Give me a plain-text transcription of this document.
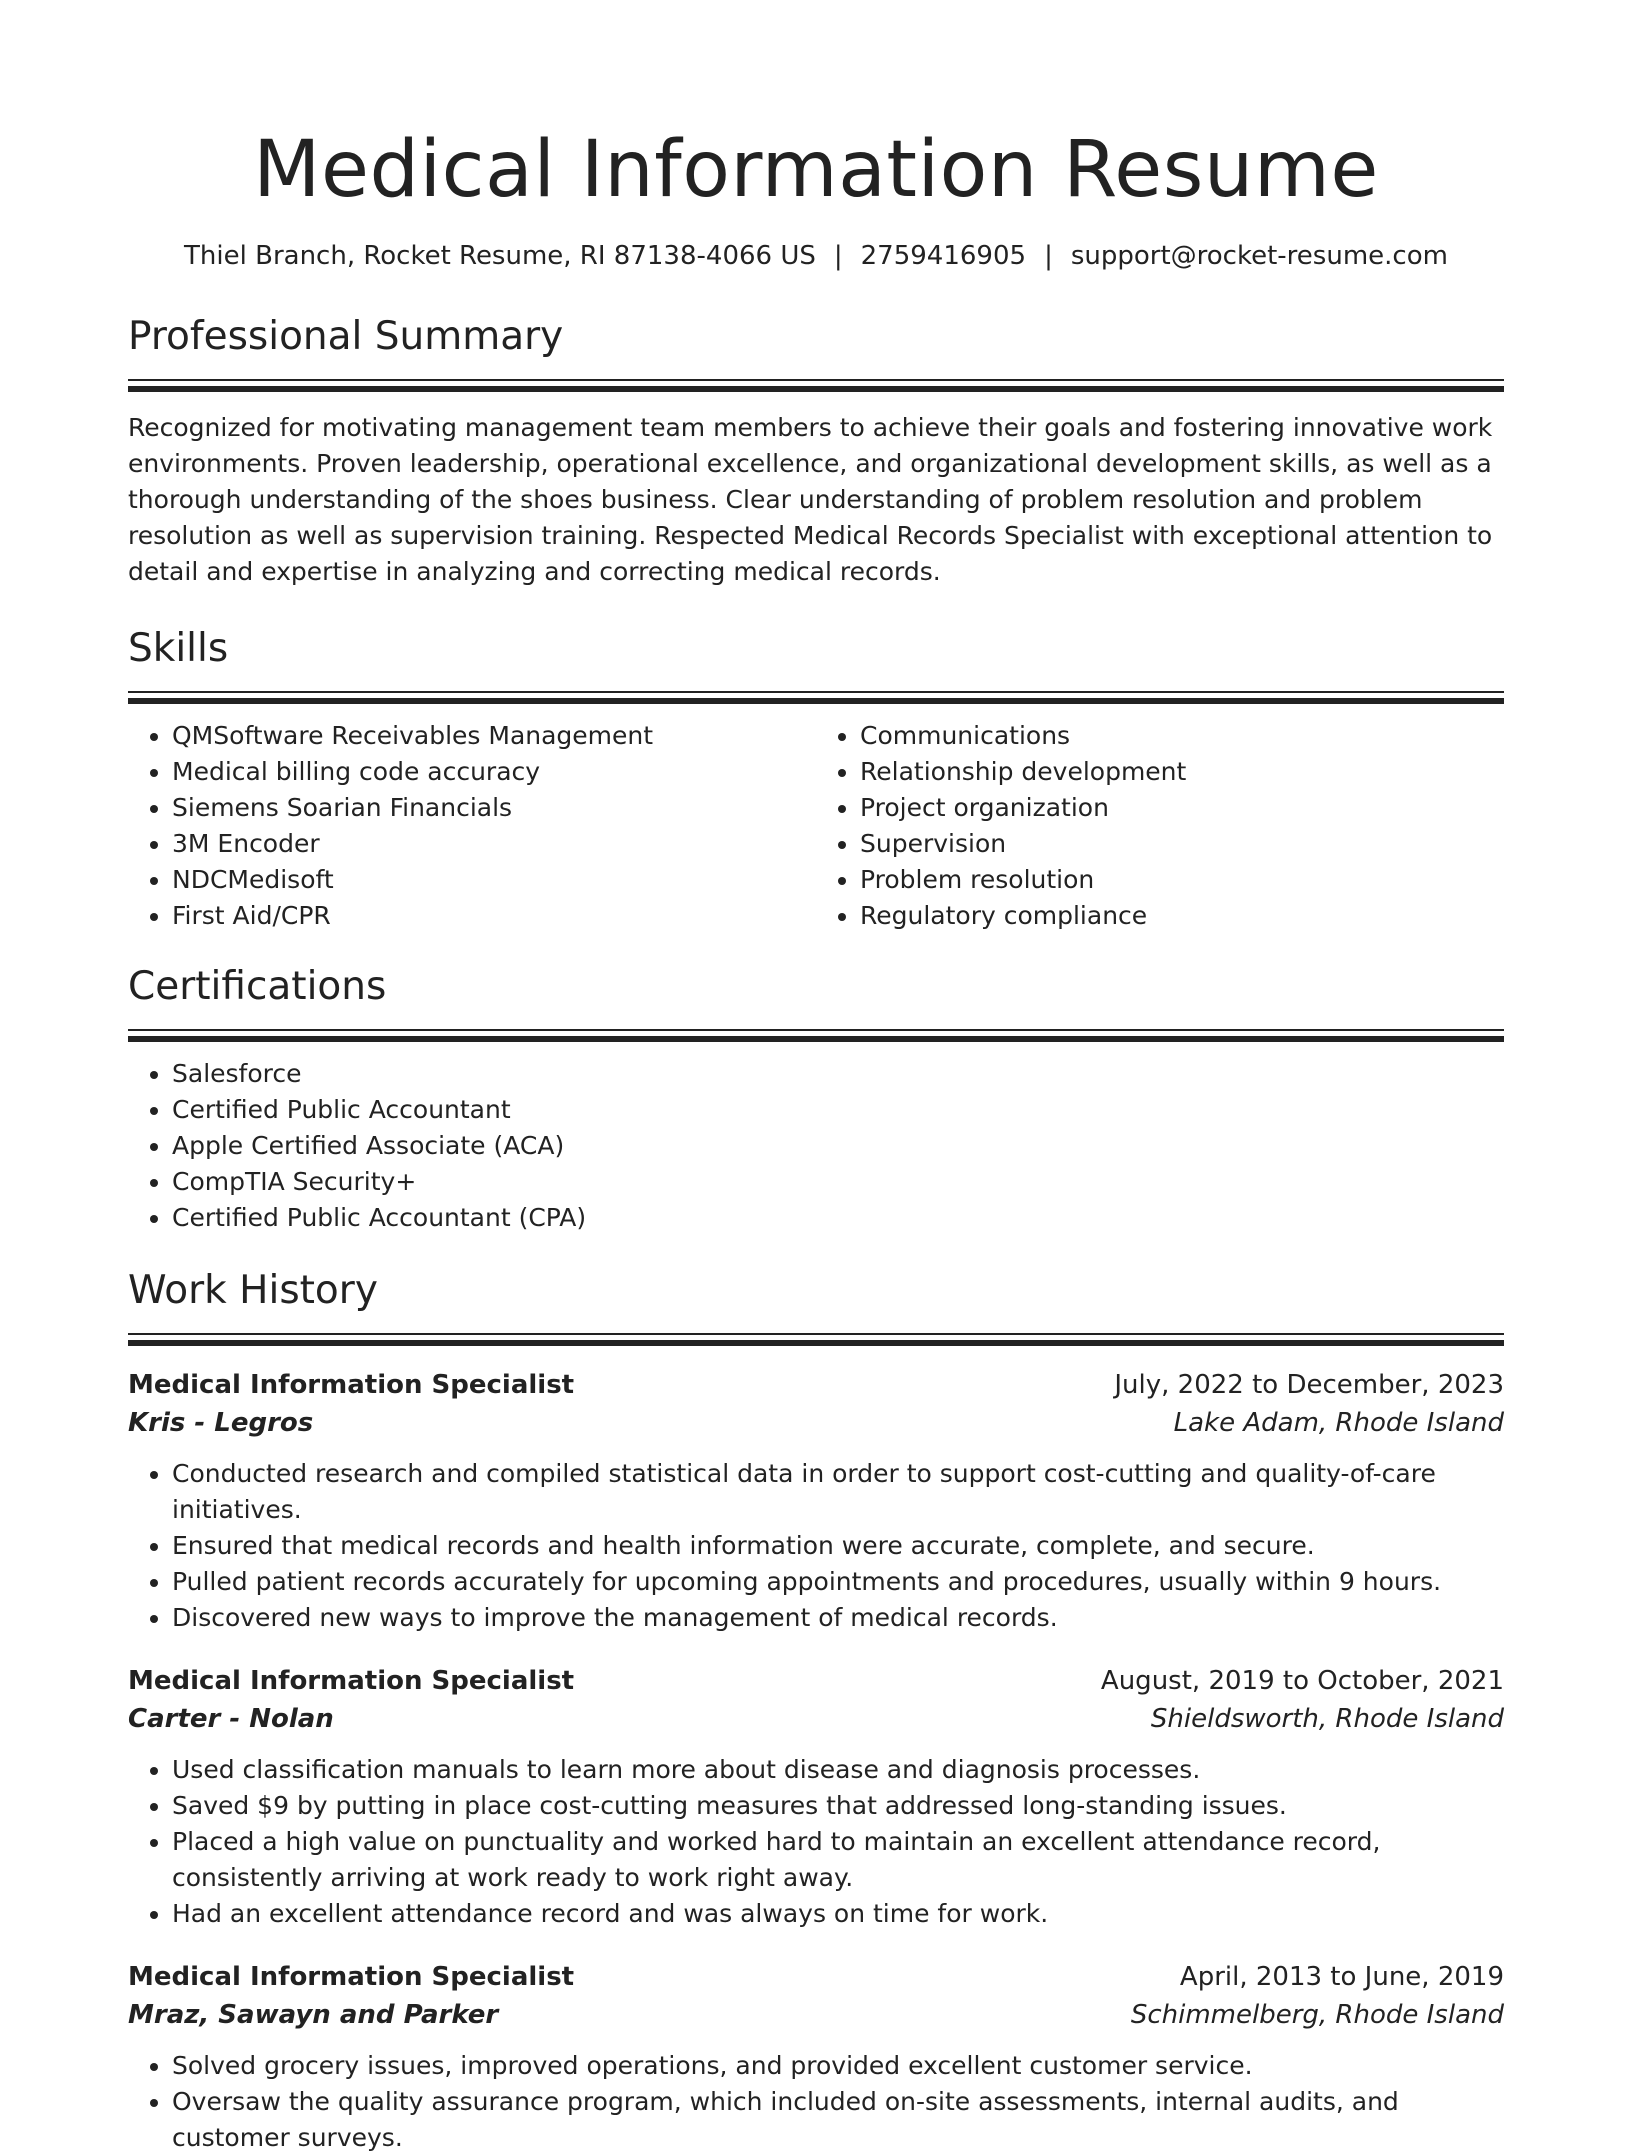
Medical Information Resume
Thiel Branch, Rocket Resume, RI 87138-4066 US | 2759416905 | support@rocket-resume.com
Professional Summary

Recognized for motivating management team members to achieve their goals and fostering innovative work environments. Proven leadership, operational excellence, and organizational development skills, as well as a thorough understanding of the shoes business. Clear understanding of problem resolution and problem resolution as well as supervision training. Respected Medical Records Specialist with exceptional attention to detail and expertise in analyzing and correcting medical records.

Skills
• QMSoftware Receivables Management
• Medical billing code accuracy
• Siemens Soarian Financials
• 3M Encoder
• NDCMedisoft
• First Aid/CPR
• Communications
• Relationship development
• Project organization
• Supervision
• Problem resolution
• Regulatory compliance
Certifications
• Salesforce
• Certified Public Accountant
• Apple Certified Associate (ACA)
• CompTIA Security+
• Certified Public Accountant (CPA)
Work History
Medical Information Specialist	July, 2022 to December, 2023
Kris - Legros	Lake Adam, Rhode Island
• Conducted research and compiled statistical data in order to support cost-cutting and quality-of-care initiatives.
• Ensured that medical records and health information were accurate, complete, and secure.
• Pulled patient records accurately for upcoming appointments and procedures, usually within 9 hours.
• Discovered new ways to improve the management of medical records.
Medical Information Specialist	August, 2019 to October, 2021
Carter - Nolan	Shieldsworth, Rhode Island
• Used classification manuals to learn more about disease and diagnosis processes.
• Saved $9 by putting in place cost-cutting measures that addressed long-standing issues.
• Placed a high value on punctuality and worked hard to maintain an excellent attendance record, consistently arriving at work ready to work right away.
• Had an excellent attendance record and was always on time for work.
Medical Information Specialist	April, 2013 to June, 2019
Mraz, Sawayn and Parker	Schimmelberg, Rhode Island
• Solved grocery issues, improved operations, and provided excellent customer service.
• Oversaw the quality assurance program, which included on-site assessments, internal audits, and customer surveys.
